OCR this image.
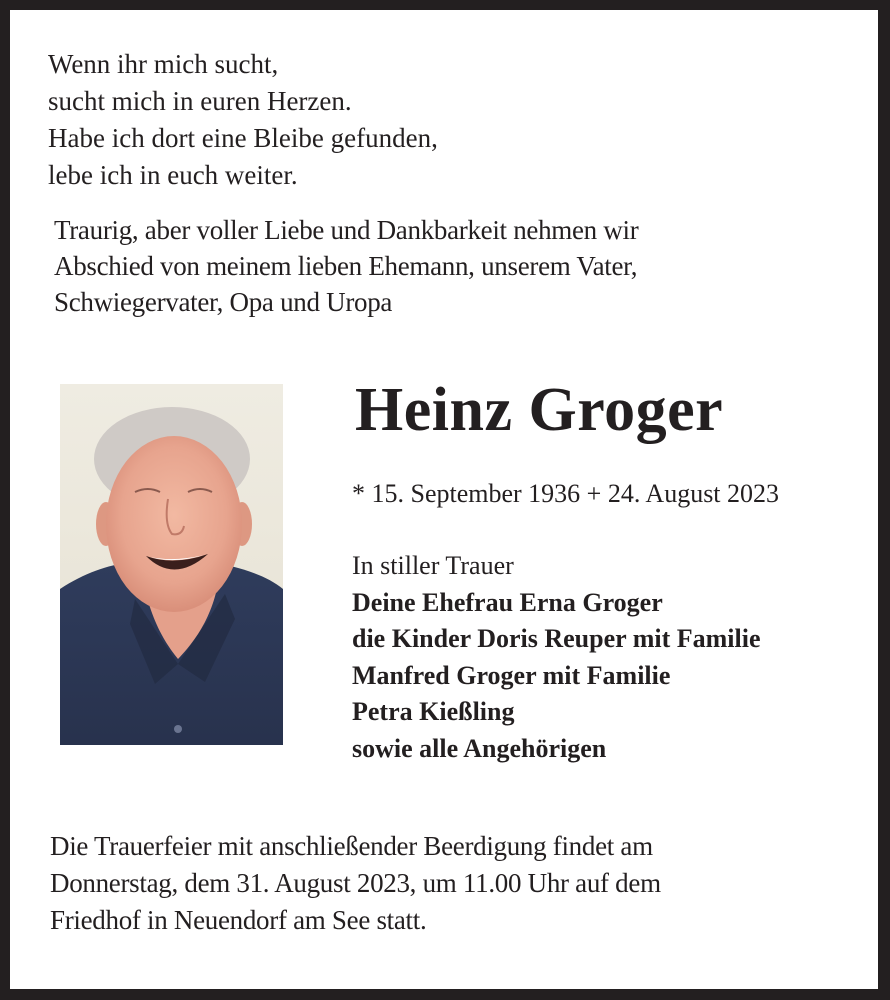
Wenn ihr mich sucht,
sucht mich in euren Herzen.
Habe ich dort eine Bleibe gefunden,
lebe ich in euch weiter.
Traurig, aber voller Liebe und Dankbarkeit nehmen wir
Abschied von meinem lieben Ehemann, unserem Vater,
Schwiegervater, Opa und Uropa
Heinz Groger
* 15. September 1936 + 24. August 2023
In stiller Trauer
Deine Ehefrau Erna Groger
die Kinder Doris Reuper mit Familie
Manfred Groger mit Familie
Petra Kießling
sowie alle Angehörigen
Die Trauerfeier mit anschließender Beerdigung findet am
Donnerstag, dem 31. August 2023, um 11.00 Uhr auf dem
Friedhof in Neuendorf am See statt.
